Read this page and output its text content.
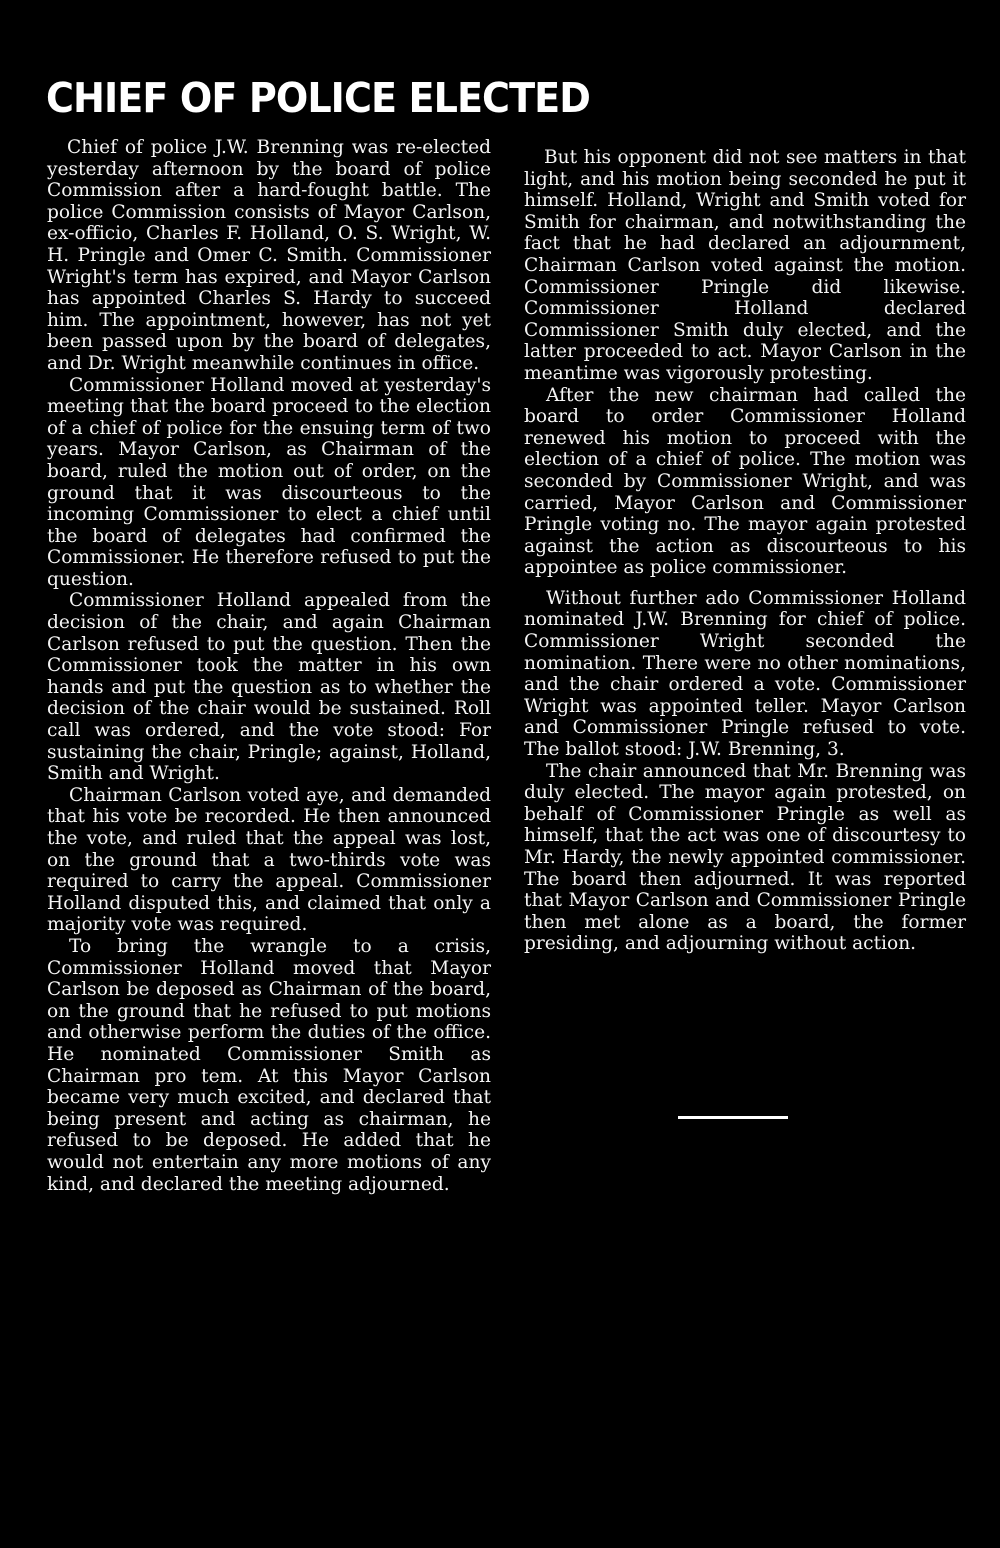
CHIEF OF POLICE ELECTED

Chief of police J.W. Brenning was re-elected yesterday afternoon by the board of police Commission after a hard-fought battle. The police Commission consists of Mayor Carlson, ex-officio, Charles F. Holland, O. S. Wright, W. H. Pringle and Omer C. Smith. Commissioner Wright's term has expired, and Mayor Carlson has appointed Charles S. Hardy to succeed him. The appointment, however, has not yet been passed upon by the board of delegates, and Dr. Wright meanwhile continues in office.

Commissioner Holland moved at yesterday's meeting that the board proceed to the election of a chief of police for the ensuing term of two years. Mayor Carlson, as Chairman of the board, ruled the motion out of order, on the ground that it was discourteous to the incoming Commissioner to elect a chief until the board of delegates had confirmed the Commissioner. He therefore refused to put the question.

Commissioner Holland appealed from the decision of the chair, and again Chairman Carlson refused to put the question. Then the Commissioner took the matter in his own hands and put the question as to whether the decision of the chair would be sustained. Roll call was ordered, and the vote stood: For sustaining the chair, Pringle; against, Holland, Smith and Wright.

Chairman Carlson voted aye, and demanded that his vote be recorded. He then announced the vote, and ruled that the appeal was lost, on the ground that a two-thirds vote was required to carry the appeal. Commissioner Holland disputed this, and claimed that only a majority vote was required.

To bring the wrangle to a crisis, Commissioner Holland moved that Mayor Carlson be deposed as Chairman of the board, on the ground that he refused to put motions and otherwise perform the duties of the office. He nominated Commissioner Smith as Chairman pro tem. At this Mayor Carlson became very much excited, and declared that being present and acting as chairman, he refused to be deposed. He added that he would not entertain any more motions of any kind, and declared the meeting adjourned.

But his opponent did not see matters in that light, and his motion being seconded he put it himself. Holland, Wright and Smith voted for Smith for chairman, and notwithstanding the fact that he had declared an adjournment, Chairman Carlson voted against the motion. Commissioner Pringle did likewise. Commissioner Holland declared Commissioner Smith duly elected, and the latter proceeded to act. Mayor Carlson in the meantime was vigorously protesting.

After the new chairman had called the board to order Commissioner Holland renewed his motion to proceed with the election of a chief of police. The motion was seconded by Commissioner Wright, and was carried, Mayor Carlson and Commissioner Pringle voting no. The mayor again protested against the action as discourteous to his appointee as police commissioner.

Without further ado Commissioner Holland nominated J.W. Brenning for chief of police. Commissioner Wright seconded the nomination. There were no other nominations, and the chair ordered a vote. Commissioner Wright was appointed teller. Mayor Carlson and Commissioner Pringle refused to vote. The ballot stood: J.W. Brenning, 3.

The chair announced that Mr. Brenning was duly elected. The mayor again protested, on behalf of Commissioner Pringle as well as himself, that the act was one of discourtesy to Mr. Hardy, the newly appointed commissioner. The board then adjourned. It was reported that Mayor Carlson and Commissioner Pringle then met alone as a board, the former presiding, and adjourning without action.
